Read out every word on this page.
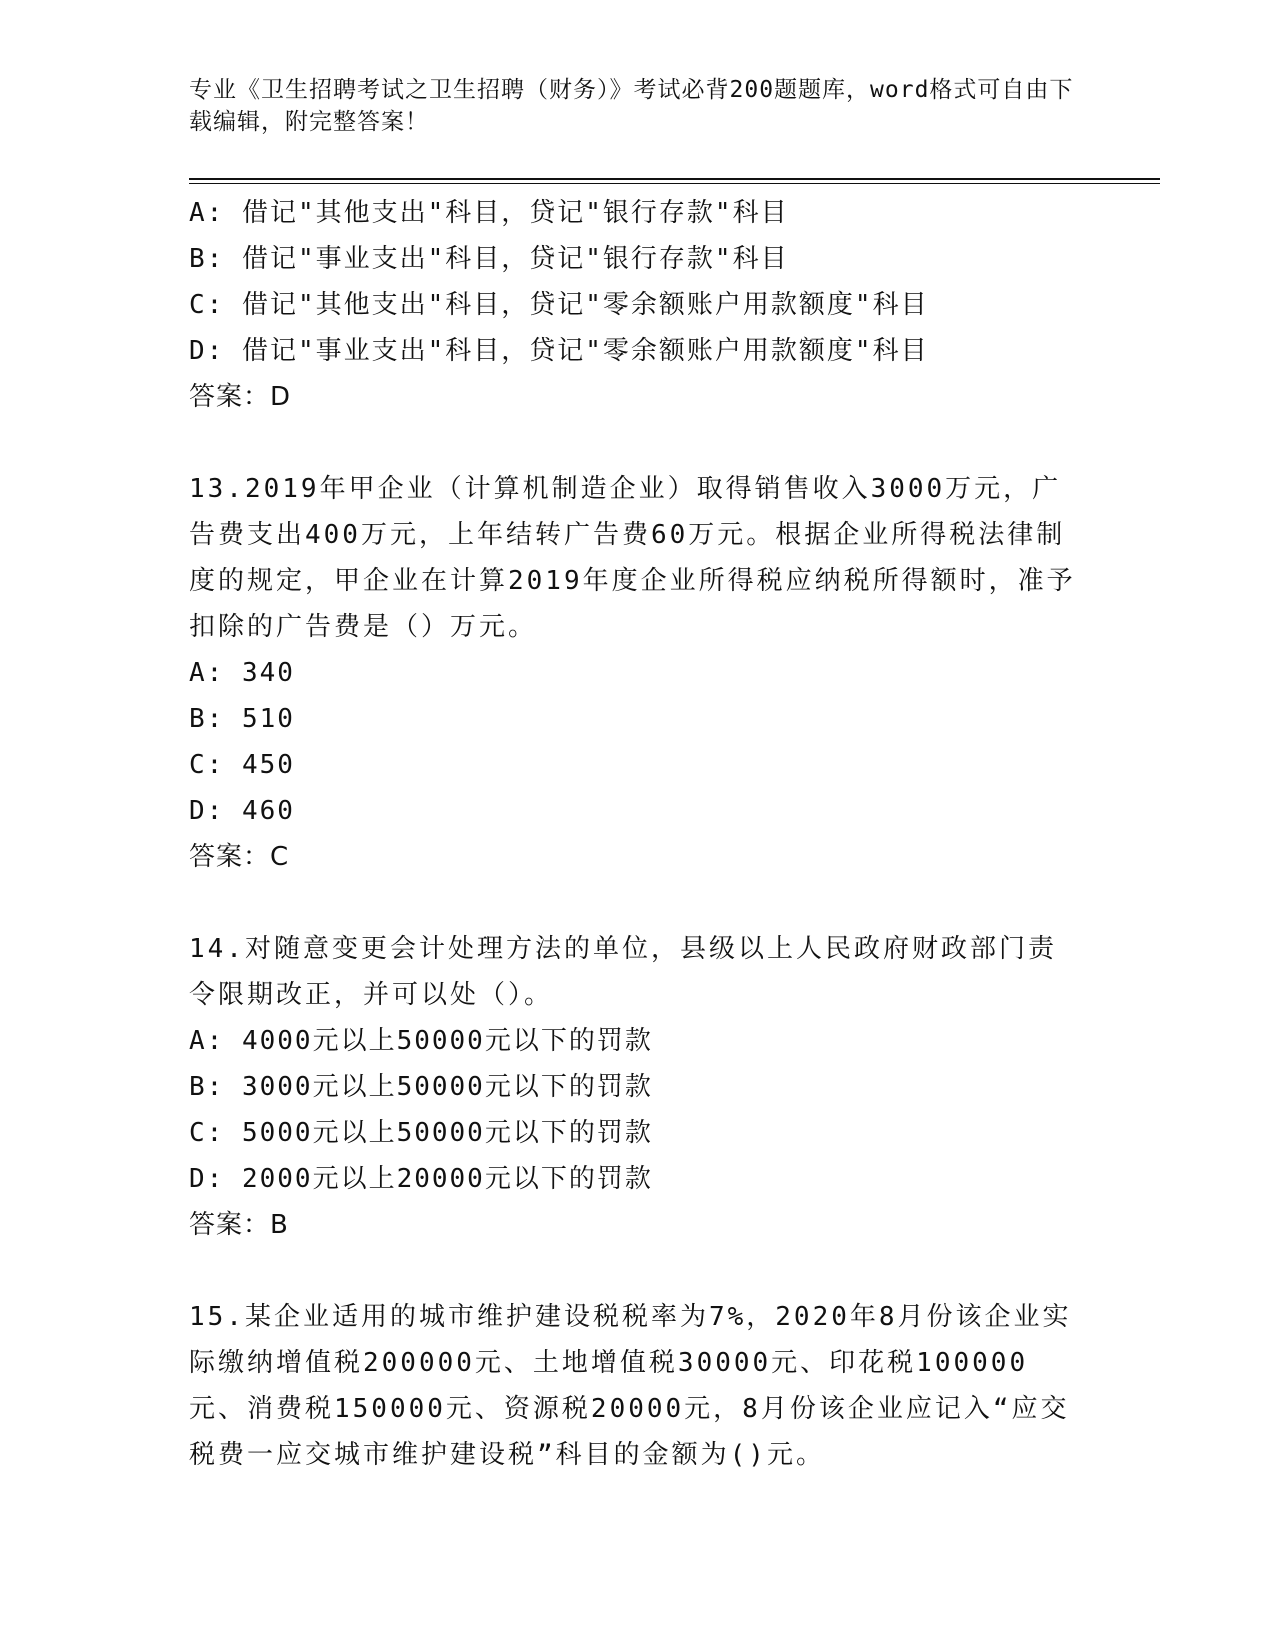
专业《卫生招聘考试之卫生招聘（财务）》考试必背200题题库，word格式可自由下载编辑，附完整答案！
A: 借记"其他支出"科目，贷记"银行存款"科目
B: 借记"事业支出"科目，贷记"银行存款"科目
C: 借记"其他支出"科目，贷记"零余额账户用款额度"科目
D: 借记"事业支出"科目，贷记"零余额账户用款额度"科目
答案：D
13.2019年甲企业（计算机制造企业）取得销售收入3000万元，广告费支出400万元，上年结转广告费60万元。根据企业所得税法律制度的规定，甲企业在计算2019年度企业所得税应纳税所得额时，准予扣除的广告费是（）万元。
A: 340
B: 510
C: 450
D: 460
答案：C
14.对随意变更会计处理方法的单位，县级以上人民政府财政部门责令限期改正，并可以处（）。
A: 4000元以上50000元以下的罚款
B: 3000元以上50000元以下的罚款
C: 5000元以上50000元以下的罚款
D: 2000元以上20000元以下的罚款
答案：B
15.某企业适用的城市维护建设税税率为7%，2020年8月份该企业实际缴纳增值税200000元、土地增值税30000元、印花税100000元、消费税150000元、资源税20000元，8月份该企业应记入“应交税费一应交城市维护建设税”科目的金额为()元。
